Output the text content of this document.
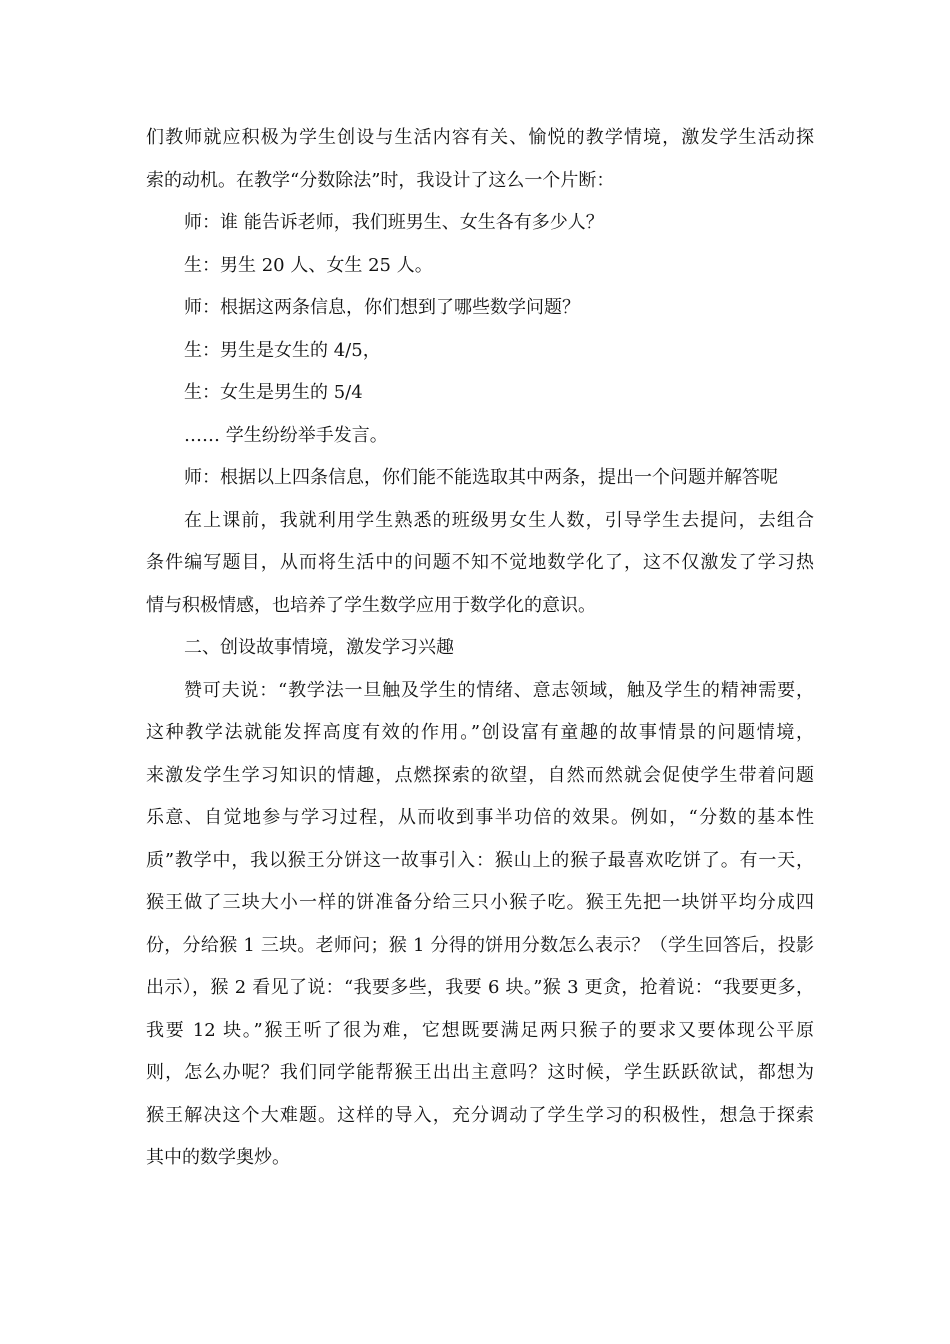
们教师就应积极为学生创设与生活内容有关、愉悦的教学情境，激发学生活动探

索的动机。在教学“分数除法”时，我设计了这么一个片断：

师：谁 能告诉老师，我们班男生、女生各有多少人？

生：男生 20 人、女生 25 人。

师：根据这两条信息，你们想到了哪些数学问题？

生：男生是女生的 4/5，

生：女生是男生的 5/4

…… 学生纷纷举手发言。

师：根据以上四条信息，你们能不能选取其中两条，提出一个问题并解答呢

在上课前，我就利用学生熟悉的班级男女生人数，引导学生去提问，去组合

条件编写题目，从而将生活中的问题不知不觉地数学化了，这不仅激发了学习热

情与积极情感，也培养了学生数学应用于数学化的意识。

二、创设故事情境，激发学习兴趣

赞可夫说：“教学法一旦触及学生的情绪、意志领域，触及学生的精神需要，

这种教学法就能发挥高度有效的作用。”创设富有童趣的故事情景的问题情境，

来激发学生学习知识的情趣，点燃探索的欲望，自然而然就会促使学生带着问题

乐意、自觉地参与学习过程，从而收到事半功倍的效果。例如，“分数的基本性

质”教学中，我以猴王分饼这一故事引入：猴山上的猴子最喜欢吃饼了。有一天，

猴王做了三块大小一样的饼准备分给三只小猴子吃。猴王先把一块饼平均分成四

份，分给猴 1 三块。老师问；猴 1 分得的饼用分数怎么表示？（学生回答后，投影

出示），猴 2 看见了说：“我要多些，我要 6 块。”猴 3 更贪，抢着说：“我要更多，

我要 12 块。”猴王听了很为难，它想既要满足两只猴子的要求又要体现公平原

则，怎么办呢？我们同学能帮猴王出出主意吗？这时候，学生跃跃欲试，都想为

猴王解决这个大难题。这样的导入，充分调动了学生学习的积极性，想急于探索

其中的数学奥炒。
